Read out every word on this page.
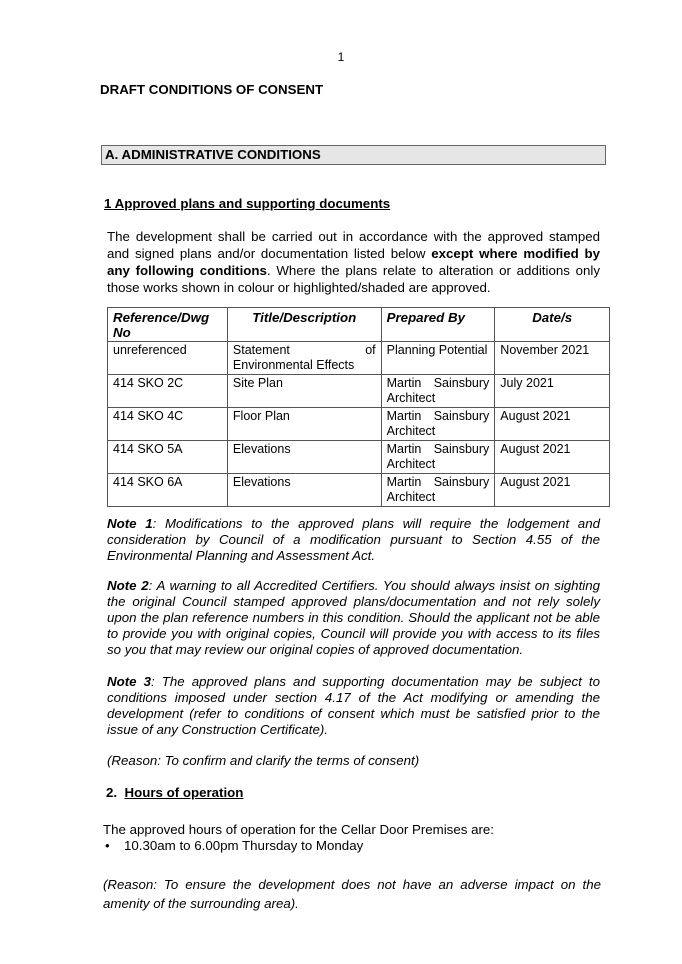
1
DRAFT CONDITIONS OF CONSENT
A. ADMINISTRATIVE CONDITIONS
1 Approved plans and supporting documents
The development shall be carried out in accordance with the approved stamped and signed plans and/or documentation listed below except where modified by any following conditions. Where the plans relate to alteration or additions only those works shown in colour or highlighted/shaded are approved.
Reference/Dwg No	Title/Description	Prepared By	Date/s
unreferenced	Statement of Environmental Effects	Planning Potential	November 2021
414 SKO 2C	Site Plan	Martin Sainsbury Architect	July 2021
414 SKO 4C	Floor Plan	Martin Sainsbury Architect	August 2021
414 SKO 5A	Elevations	Martin Sainsbury Architect	August 2021
414 SKO 6A	Elevations	Martin Sainsbury Architect	August 2021
Note 1: Modifications to the approved plans will require the lodgement and consideration by Council of a modification pursuant to Section 4.55 of the Environmental Planning and Assessment Act.
Note 2: A warning to all Accredited Certifiers. You should always insist on sighting the original Council stamped approved plans/documentation and not rely solely upon the plan reference numbers in this condition. Should the applicant not be able to provide you with original copies, Council will provide you with access to its files so you that may review our original copies of approved documentation.
Note 3: The approved plans and supporting documentation may be subject to conditions imposed under section 4.17 of the Act modifying or amending the development (refer to conditions of consent which must be satisfied prior to the issue of any Construction Certificate).
(Reason: To confirm and clarify the terms of consent)
2. Hours of operation
The approved hours of operation for the Cellar Door Premises are:
• 10.30am to 6.00pm Thursday to Monday
(Reason: To ensure the development does not have an adverse impact on the amenity of the surrounding area).
